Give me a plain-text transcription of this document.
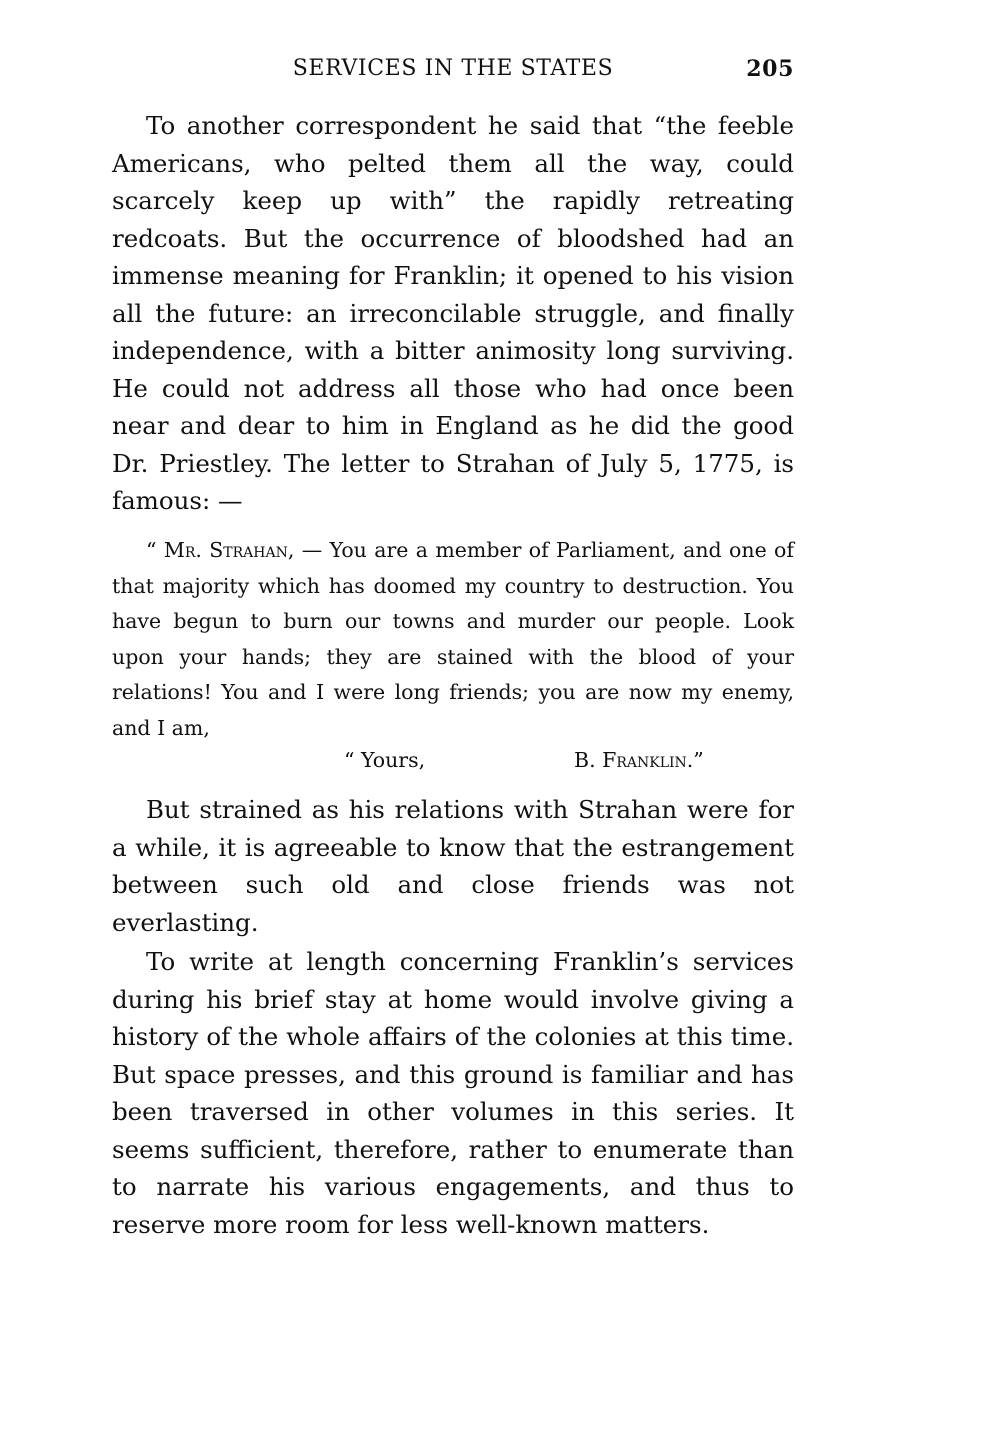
SERVICES IN THE STATES	205
To another correspondent he said that “the feeble Americans, who pelted them all the way, could scarcely keep up with” the rapidly retreating redcoats. But the occurrence of bloodshed had an immense meaning for Franklin; it opened to his vision all the future: an irreconcilable struggle, and finally independence, with a bitter animosity long surviving. He could not address all those who had once been near and dear to him in England as he did the good Dr. Priestley. The letter to Strahan of July 5, 1775, is famous: —
“ Mr. Strahan, — You are a member of Parliament, and one of that majority which has doomed my country to destruction. You have begun to burn our towns and murder our people. Look upon your hands; they are stained with the blood of your relations! You and I were long friends; you are now my enemy, and I am,
“ Yours,	B. Franklin.”
But strained as his relations with Strahan were for a while, it is agreeable to know that the estrangement between such old and close friends was not everlasting.
To write at length concerning Franklin’s services during his brief stay at home would involve giving a history of the whole affairs of the colonies at this time. But space presses, and this ground is familiar and has been traversed in other volumes in this series. It seems sufficient, therefore, rather to enumerate than to narrate his various engagements, and thus to reserve more room for less well-known matters.
